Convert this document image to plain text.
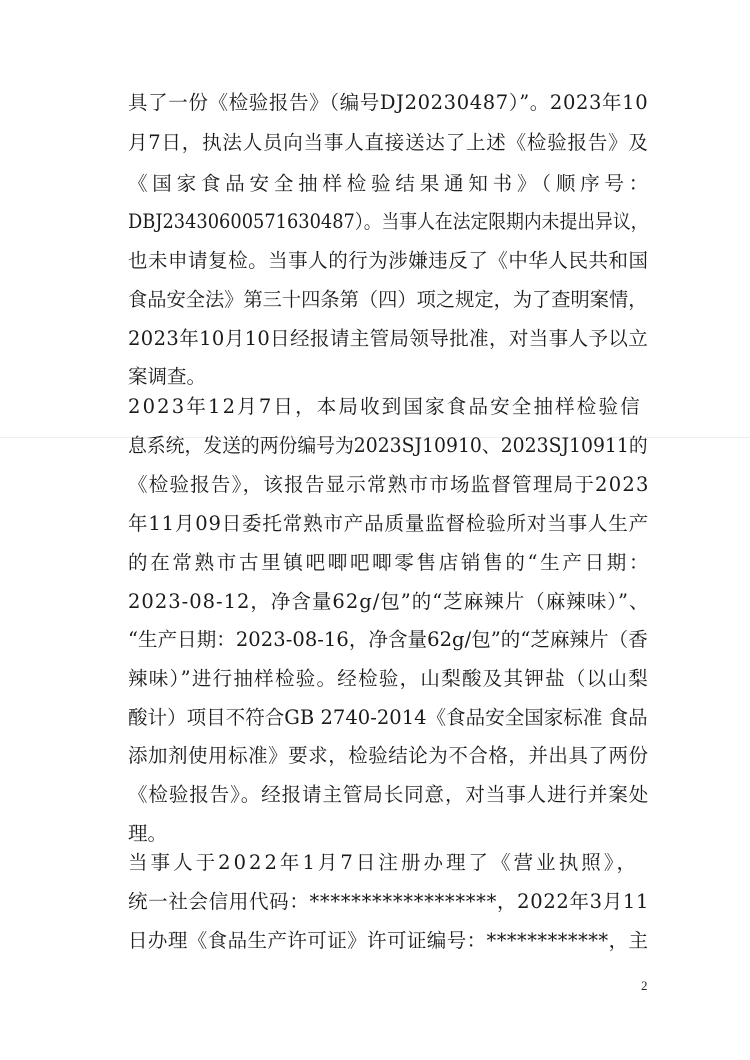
具了一份《检验报告》（编号DJ20230487）”。2023年10
月7日，执法人员向当事人直接送达了上述《检验报告》及
《国家食品安全抽样检验结果通知书》（顺序号：
DBJ23430600571630487）。当事人在法定限期内未提出异议，
也未申请复检。当事人的行为涉嫌违反了《中华人民共和国
食品安全法》第三十四条第（四）项之规定，为了查明案情，
2023年10月10日经报请主管局领导批准，对当事人予以立
案调查。
2023年12月7日，本局收到国家食品安全抽样检验信
息系统，发送的两份编号为2023SJ10910、2023SJ10911的
《检验报告》，该报告显示常熟市市场监督管理局于2023
年11月09日委托常熟市产品质量监督检验所对当事人生产
的在常熟市古里镇吧唧吧唧零售店销售的“生产日期：
2023-08-12，净含量62g/包”的“芝麻辣片（麻辣味）”、
“生产日期：2023-08-16，净含量62g/包”的“芝麻辣片（香
辣味）”进行抽样检验。经检验，山梨酸及其钾盐（以山梨
酸计）项目不符合GB 2740-2014《食品安全国家标准 食品
添加剂使用标准》要求，检验结论为不合格，并出具了两份
《检验报告》。经报请主管局长同意，对当事人进行并案处
理。
当事人于2022年1月7日注册办理了《营业执照》，
统一社会信用代码：******************，2022年3月11
日办理《食品生产许可证》许可证编号：************，主
2
